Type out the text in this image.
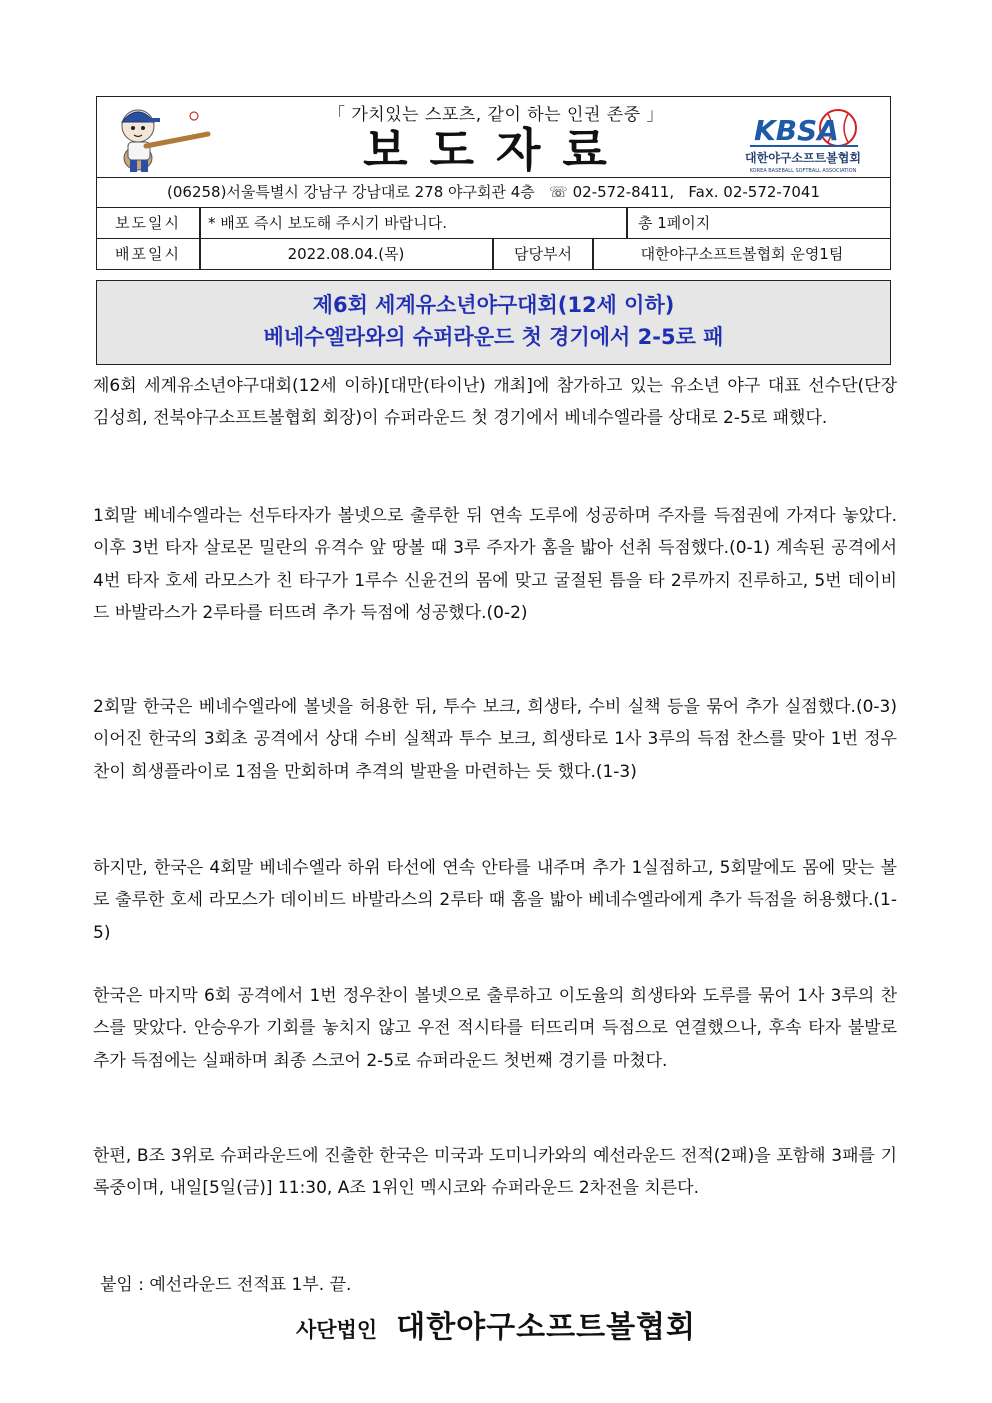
「 가치있는 스포츠, 같이 하는 인권 존중 」
보도자료	KBSA
대한야구소프트볼협회
KOREA BASEBALL SOFTBALL ASSOCIATION
(06258)서울특별시 강남구 강남대로 278 야구회관 4층 ☏ 02-572-8411, Fax. 02-572-7041
보도일시	* 배포 즉시 보도해 주시기 바랍니다.	총 1페이지
배포일시	2022.08.04.(목)	담당부서	대한야구소프트볼협회 운영1팀
제6회 세계유소년야구대회(12세 이하)
베네수엘라와의 슈퍼라운드 첫 경기에서 2-5로 패
제6회 세계유소년야구대회(12세 이하)[대만(타이난) 개최]에 참가하고 있는 유소년 야구 대표 선수단(단장 김성희, 전북야구소프트볼협회 회장)이 슈퍼라운드 첫 경기에서 베네수엘라를 상대로 2-5로 패했다.
1회말 베네수엘라는 선두타자가 볼넷으로 출루한 뒤 연속 도루에 성공하며 주자를 득점권에 가져다 놓았다. 이후 3번 타자 살로몬 밀란의 유격수 앞 땅볼 때 3루 주자가 홈을 밟아 선취 득점했다.(0-1) 계속된 공격에서 4번 타자 호세 라모스가 친 타구가 1루수 신윤건의 몸에 맞고 굴절된 틈을 타 2루까지 진루하고, 5번 데이비드 바발라스가 2루타를 터뜨려 추가 득점에 성공했다.(0-2)
2회말 한국은 베네수엘라에 볼넷을 허용한 뒤, 투수 보크, 희생타, 수비 실책 등을 묶어 추가 실점했다.(0-3) 이어진 한국의 3회초 공격에서 상대 수비 실책과 투수 보크, 희생타로 1사 3루의 득점 찬스를 맞아 1번 정우찬이 희생플라이로 1점을 만회하며 추격의 발판을 마련하는 듯 했다.(1-3)
하지만, 한국은 4회말 베네수엘라 하위 타선에 연속 안타를 내주며 추가 1실점하고, 5회말에도 몸에 맞는 볼로 출루한 호세 라모스가 데이비드 바발라스의 2루타 때 홈을 밟아 베네수엘라에게 추가 득점을 허용했다.(1-5)
한국은 마지막 6회 공격에서 1번 정우찬이 볼넷으로 출루하고 이도율의 희생타와 도루를 묶어 1사 3루의 찬스를 맞았다. 안승우가 기회를 놓치지 않고 우전 적시타를 터뜨리며 득점으로 연결했으나, 후속 타자 불발로 추가 득점에는 실패하며 최종 스코어 2-5로 슈퍼라운드 첫번째 경기를 마쳤다.
한편, B조 3위로 슈퍼라운드에 진출한 한국은 미국과 도미니카와의 예선라운드 전적(2패)을 포함해 3패를 기록중이며, 내일[5일(금)] 11:30, A조 1위인 멕시코와 슈퍼라운드 2차전을 치른다.
붙임 : 예선라운드 전적표 1부. 끝.
사단법인 대한야구소프트볼협회
